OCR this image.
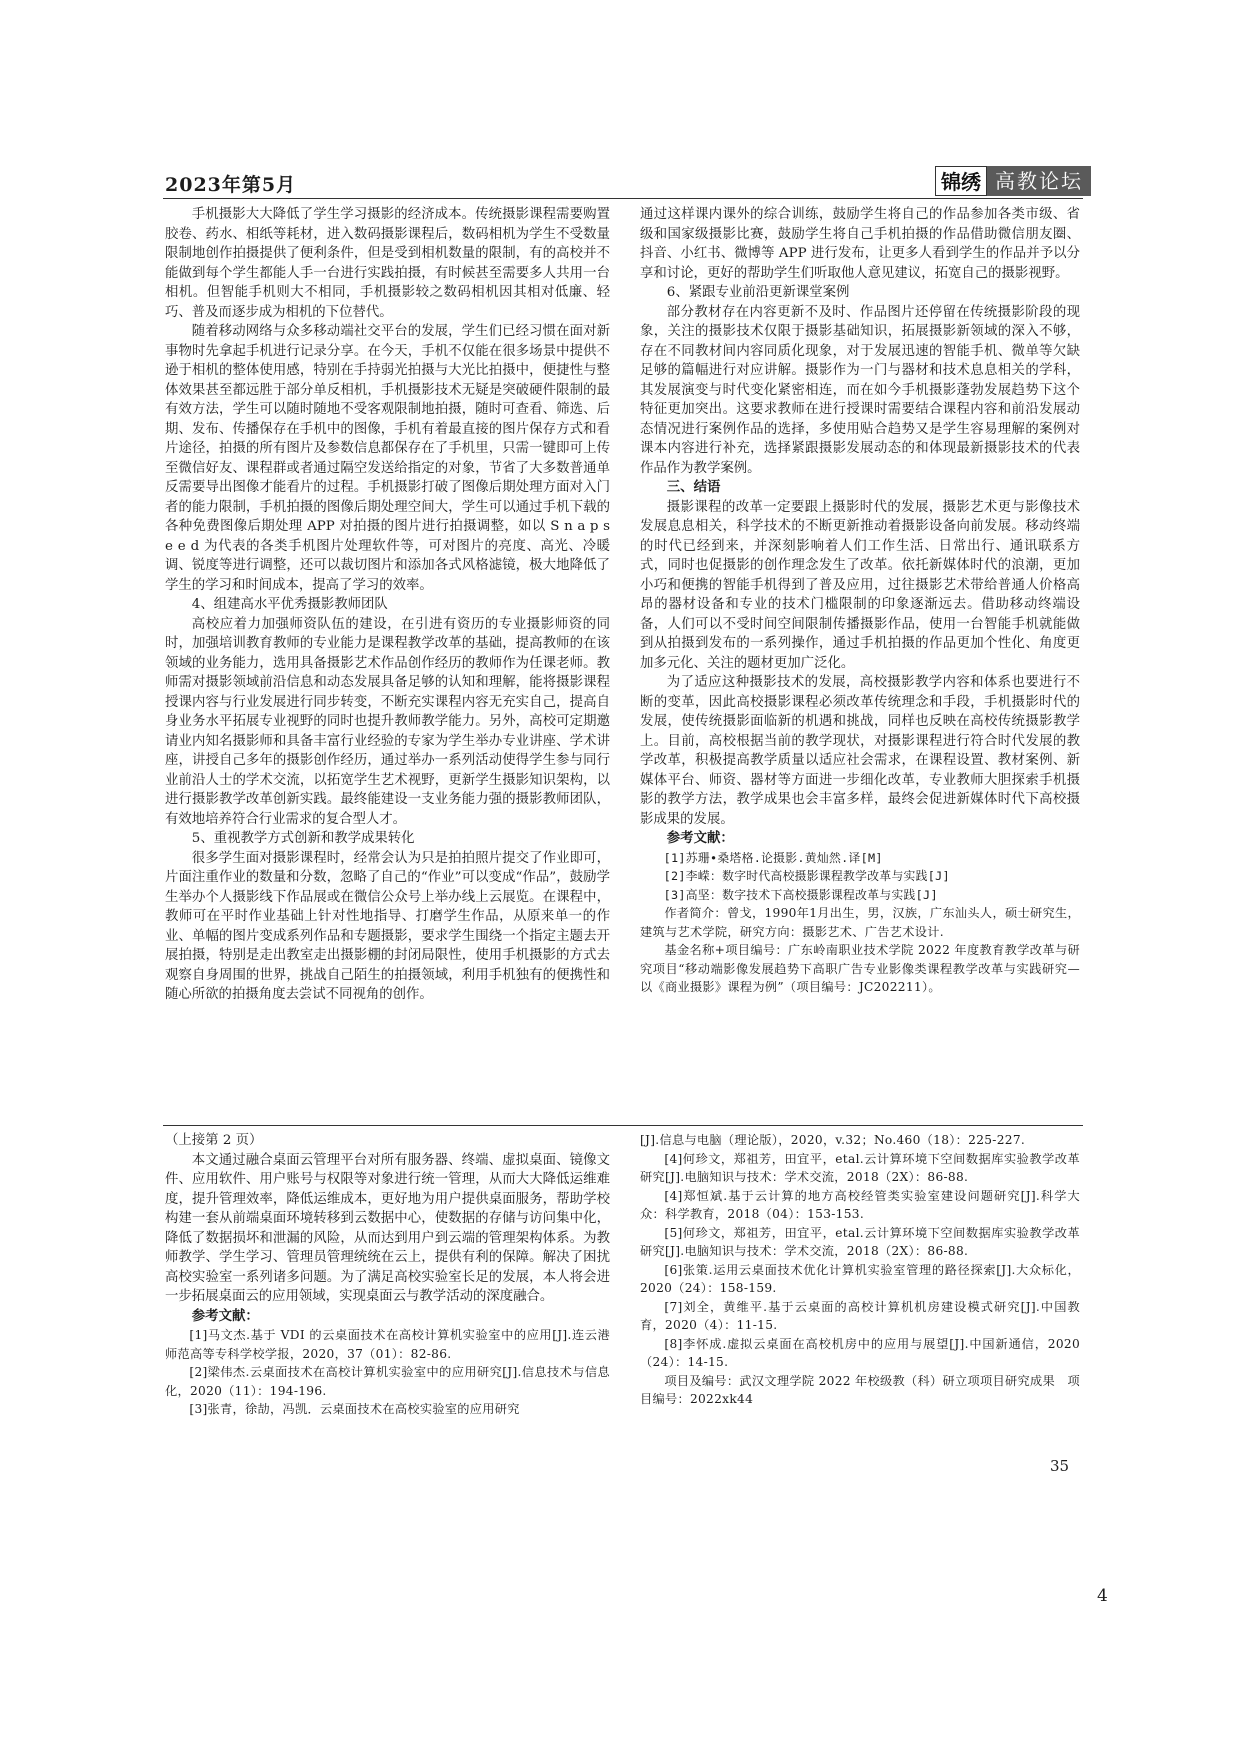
2023年第5月	锦绣 高教论坛

手机摄影大大降低了学生学习摄影的经济成本。传统摄影课程需要购置胶卷、药水、相纸等耗材，进入数码摄影课程后，数码相机为学生不受数量限制地创作拍摄提供了便利条件，但是受到相机数量的限制，有的高校并不能做到每个学生都能人手一台进行实践拍摄，有时候甚至需要多人共用一台相机。但智能手机则大不相同，手机摄影较之数码相机因其相对低廉、轻巧、普及而逐步成为相机的下位替代。

随着移动网络与众多移动端社交平台的发展，学生们已经习惯在面对新事物时先拿起手机进行记录分享。在今天，手机不仅能在很多场景中提供不逊于相机的整体使用感，特别在手持弱光拍摄与大光比拍摄中，便捷性与整体效果甚至都远胜于部分单反相机，手机摄影技术无疑是突破硬件限制的最有效方法，学生可以随时随地不受客观限制地拍摄，随时可查看、筛选、后期、发布、传播保存在手机中的图像，手机有着最直接的图片保存方式和看片途径，拍摄的所有图片及参数信息都保存在了手机里，只需一键即可上传至微信好友、课程群或者通过隔空发送给指定的对象，节省了大多数普通单反需要导出图像才能看片的过程。手机摄影打破了图像后期处理方面对入门者的能力限制，手机拍摄的图像后期处理空间大，学生可以通过手机下载的各种免费图像后期处理 APP 对拍摄的图片进行拍摄调整，如以 S n a p s e e d 为代表的各类手机图片处理软件等，可对图片的亮度、高光、冷暖调、锐度等进行调整，还可以裁切图片和添加各式风格滤镜，极大地降低了学生的学习和时间成本，提高了学习的效率。

4、组建高水平优秀摄影教师团队

高校应着力加强师资队伍的建设，在引进有资历的专业摄影师资的同时，加强培训教育教师的专业能力是课程教学改革的基础，提高教师的在该领域的业务能力，选用具备摄影艺术作品创作经历的教师作为任课老师。教师需对摄影领域前沿信息和动态发展具备足够的认知和理解，能将摄影课程授课内容与行业发展进行同步转变，不断充实课程内容无充实自己，提高自身业务水平拓展专业视野的同时也提升教师教学能力。另外，高校可定期邀请业内知名摄影师和具备丰富行业经验的专家为学生举办专业讲座、学术讲座，讲授自己多年的摄影创作经历，通过举办一系列活动使得学生参与同行业前沿人士的学术交流，以拓宽学生艺术视野，更新学生摄影知识架构，以进行摄影教学改革创新实践。最终能建设一支业务能力强的摄影教师团队，有效地培养符合行业需求的复合型人才。

5、重视教学方式创新和教学成果转化

很多学生面对摄影课程时，经常会认为只是拍拍照片提交了作业即可，片面注重作业的数量和分数，忽略了自己的“作业”可以变成“作品”，鼓励学生举办个人摄影线下作品展或在微信公众号上举办线上云展览。在课程中，教师可在平时作业基础上针对性地指导、打磨学生作品，从原来单一的作业、单幅的图片变成系列作品和专题摄影，要求学生围绕一个指定主题去开展拍摄，特别是走出教室走出摄影棚的封闭局限性，使用手机摄影的方式去观察自身周围的世界，挑战自己陌生的拍摄领域，利用手机独有的便携性和随心所欲的拍摄角度去尝试不同视角的创作。

通过这样课内课外的综合训练，鼓励学生将自己的作品参加各类市级、省级和国家级摄影比赛，鼓励学生将自己手机拍摄的作品借助微信朋友圈、抖音、小红书、微博等 APP 进行发布，让更多人看到学生的作品并予以分享和讨论，更好的帮助学生们听取他人意见建议，拓宽自己的摄影视野。

6、紧跟专业前沿更新课堂案例

部分教材存在内容更新不及时、作品图片还停留在传统摄影阶段的现象，关注的摄影技术仅限于摄影基础知识，拓展摄影新领域的深入不够，存在不同教材间内容同质化现象，对于发展迅速的智能手机、微单等欠缺足够的篇幅进行对应讲解。摄影作为一门与器材和技术息息相关的学科，其发展演变与时代变化紧密相连，而在如今手机摄影蓬勃发展趋势下这个特征更加突出。这要求教师在进行授课时需要结合课程内容和前沿发展动态情况进行案例作品的选择，多使用贴合趋势又是学生容易理解的案例对课本内容进行补充，选择紧跟摄影发展动态的和体现最新摄影技术的代表作品作为教学案例。

三、结语

摄影课程的改革一定要跟上摄影时代的发展，摄影艺术更与影像技术发展息息相关，科学技术的不断更新推动着摄影设备向前发展。移动终端的时代已经到来，并深刻影响着人们工作生活、日常出行、通讯联系方式，同时也促摄影的创作理念发生了改革。依托新媒体时代的浪潮，更加小巧和便携的智能手机得到了普及应用，过往摄影艺术带给普通人价格高昂的器材设备和专业的技术门槛限制的印象逐渐远去。借助移动终端设备，人们可以不受时间空间限制传播摄影作品，使用一台智能手机就能做到从拍摄到发布的一系列操作，通过手机拍摄的作品更加个性化、角度更加多元化、关注的题材更加广泛化。

为了适应这种摄影技术的发展，高校摄影教学内容和体系也要进行不断的变革，因此高校摄影课程必须改革传统理念和手段，手机摄影时代的发展，使传统摄影面临新的机遇和挑战，同样也反映在高校传统摄影教学上。目前，高校根据当前的教学现状，对摄影课程进行符合时代发展的教学改革，积极提高教学质量以适应社会需求，在课程设置、教材案例、新媒体平台、师资、器材等方面进一步细化改革，专业教师大胆探索手机摄影的教学方法，教学成果也会丰富多样，最终会促进新媒体时代下高校摄影成果的发展。

参考文献：

[1]苏珊•桑塔格.论摄影.黄灿然.译[M]

[2]李嵘：数字时代高校摄影课程教学改革与实践[J]

[3]高坚：数字技术下高校摄影课程改革与实践[J]

作者简介：曾戈，1990年1月出生，男，汉族，广东汕头人，硕士研究生，建筑与艺术学院，研究方向：摄影艺术、广告艺术设计.

基金名称+项目编号：广东岭南职业技术学院 2022 年度教育教学改革与研究项目“移动端影像发展趋势下高职广告专业影像类课程教学改革与实践研究—以《商业摄影》课程为例”（项目编号：JC202211）。

（上接第 2 页）

本文通过融合桌面云管理平台对所有服务器、终端、虚拟桌面、镜像文件、应用软件、用户账号与权限等对象进行统一管理，从而大大降低运维难度，提升管理效率，降低运维成本，更好地为用户提供桌面服务，帮助学校构建一套从前端桌面环境转移到云数据中心，使数据的存储与访问集中化，降低了数据损坏和泄漏的风险，从而达到用户到云端的管理架构体系。为教师教学、学生学习、管理员管理统统在云上，提供有利的保障。解决了困扰高校实验室一系列诸多问题。为了满足高校实验室长足的发展，本人将会进一步拓展桌面云的应用领域，实现桌面云与教学活动的深度融合。

参考文献：

[1]马文杰.基于 VDI 的云桌面技术在高校计算机实验室中的应用[J].连云港师范高等专科学校学报，2020，37（01）：82-86.

[2]梁伟杰.云桌面技术在高校计算机实验室中的应用研究[J].信息技术与信息化，2020（11）：194-196.

[3]张青，徐劼，冯凯．云桌面技术在高校实验室的应用研究

[J].信息与电脑（理论版），2020，v.32；No.460（18）：225-227.

[4]何珍文，郑祖芳，田宜平，etal.云计算环境下空间数据库实验教学改革研究[J].电脑知识与技术：学术交流，2018（2X）：86-88.

[4]郑恒斌.基于云计算的地方高校经管类实验室建设问题研究[J].科学大众：科学教育，2018（04）：153-153.

[5]何珍文，郑祖芳，田宜平，etal.云计算环境下空间数据库实验教学改革研究[J].电脑知识与技术：学术交流，2018（2X）：86-88.

[6]张策.运用云桌面技术优化计算机实验室管理的路径探索[J].大众标化，2020（24）：158-159.

[7]刘全，黄维平.基于云桌面的高校计算机机房建设模式研究[J].中国教育，2020（4）：11-15.

[8]李怀成.虚拟云桌面在高校机房中的应用与展望[J].中国新通信，2020（24）：14-15.

项目及编号：武汉文理学院 2022 年校级教（科）研立项项目研究成果　项目编号：2022xk44

35
4
